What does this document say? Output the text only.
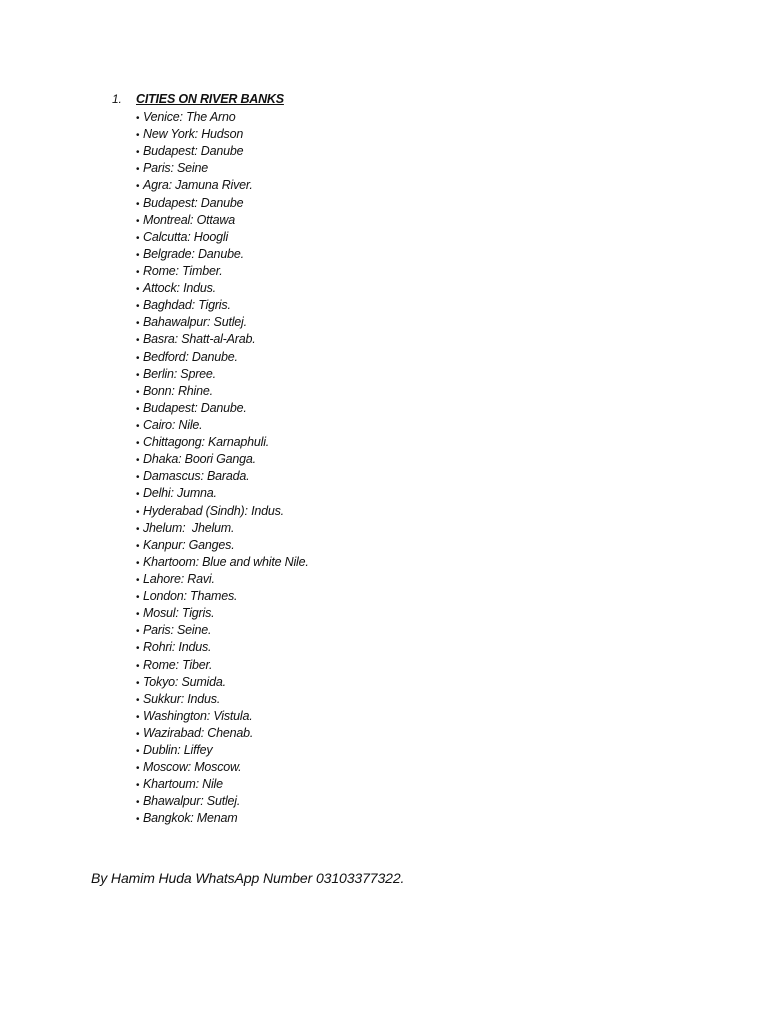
1.	CITIES ON RIVER BANKS
• Venice: The Arno
• New York: Hudson
• Budapest: Danube
• Paris: Seine
• Agra: Jamuna River.
• Budapest: Danube
• Montreal: Ottawa
• Calcutta: Hoogli
• Belgrade: Danube.
• Rome: Timber.
• Attock: Indus.
• Baghdad: Tigris.
• Bahawalpur: Sutlej.
• Basra: Shatt-al-Arab.
• Bedford: Danube.
• Berlin: Spree.
• Bonn: Rhine.
• Budapest: Danube.
• Cairo: Nile.
• Chittagong: Karnaphuli.
• Dhaka: Boori Ganga.
• Damascus: Barada.
• Delhi: Jumna.
• Hyderabad (Sindh): Indus.
• Jhelum:  Jhelum.
• Kanpur: Ganges.
• Khartoom: Blue and white Nile.
• Lahore: Ravi.
• London: Thames.
• Mosul: Tigris.
• Paris: Seine.
• Rohri: Indus.
• Rome: Tiber.
• Tokyo: Sumida.
• Sukkur: Indus.
• Washington: Vistula.
• Wazirabad: Chenab.
• Dublin: Liffey
• Moscow: Moscow.
• Khartoum: Nile
• Bhawalpur: Sutlej.
• Bangkok: Menam
By Hamim Huda WhatsApp Number 03103377322.
